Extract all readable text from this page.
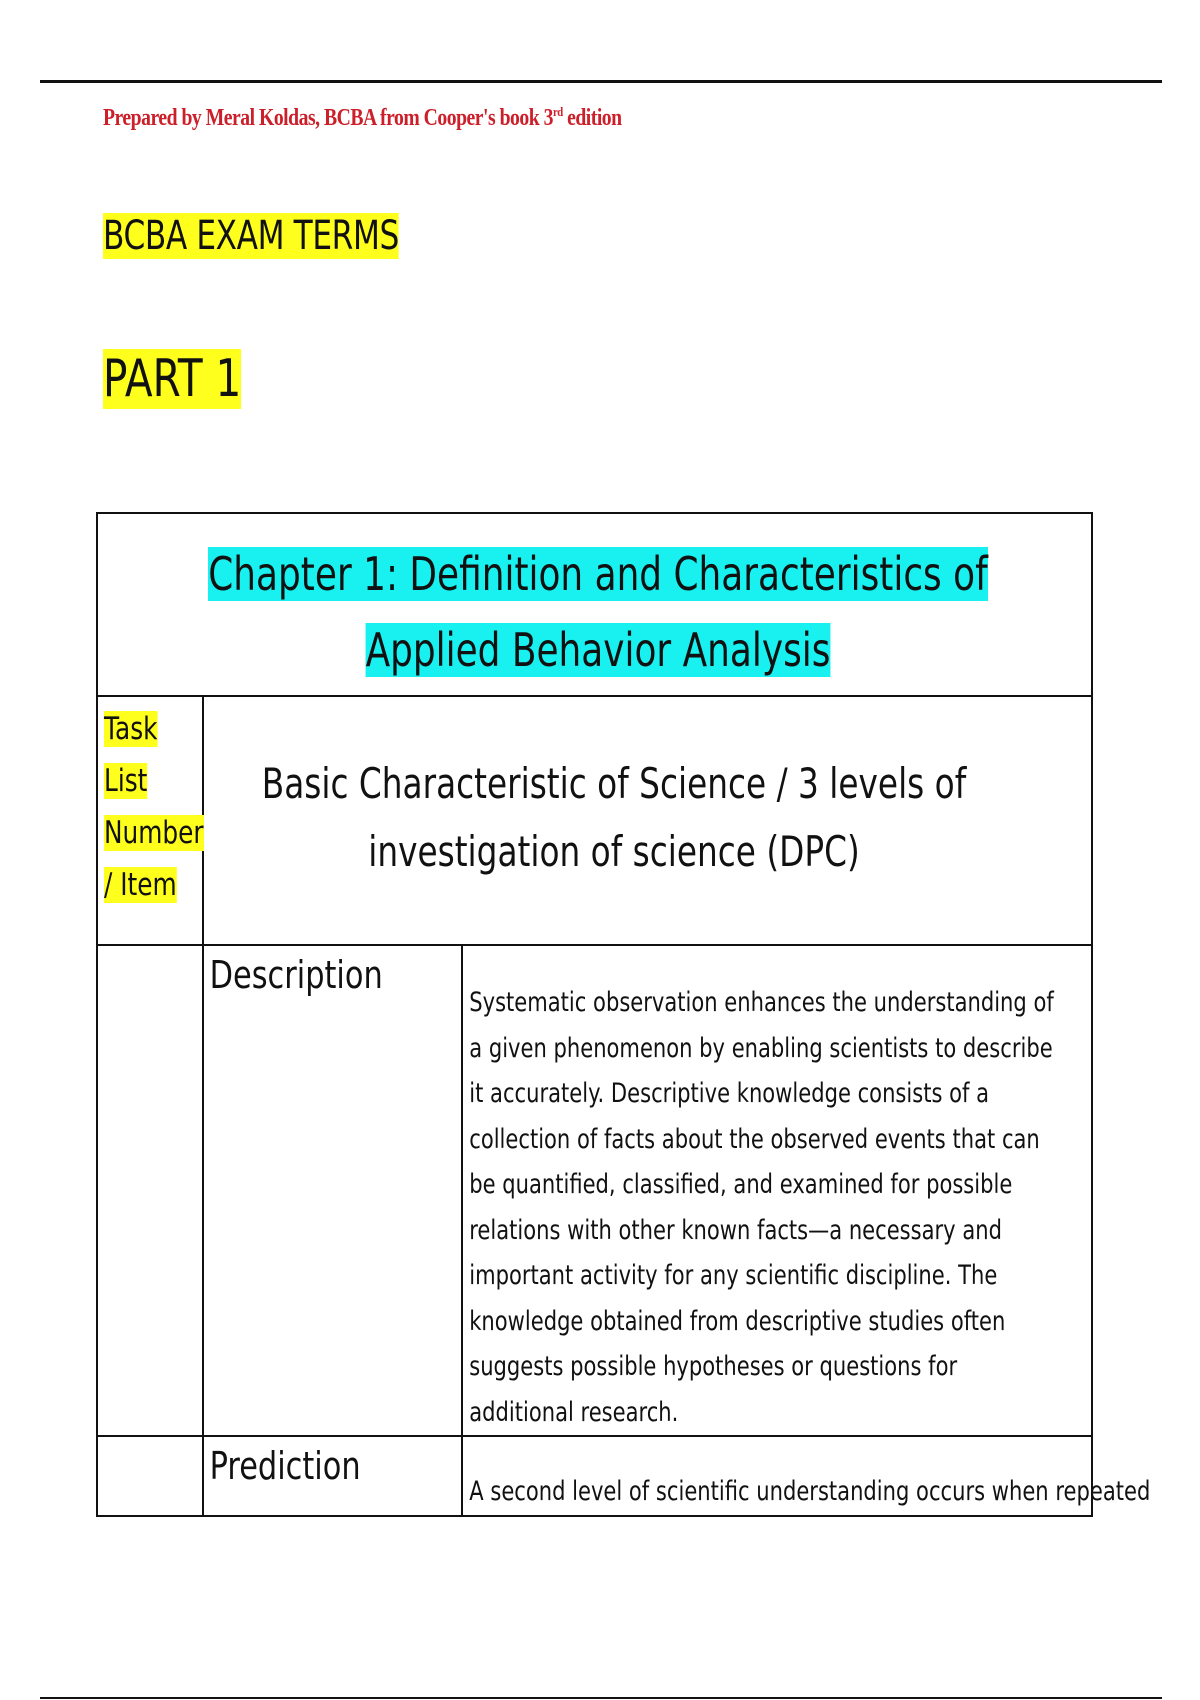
Prepared by Meral Koldas, BCBA from Cooper's book 3rd edition
BCBA EXAM TERMS
PART 1
Chapter 1: Definition and Characteristics of Applied Behavior Analysis		

Task List Number / Item	Basic Characteristic of Science / 3 levels of investigation of science (DPC)	

	Description	Systematic observation enhances the understanding of a given phenomenon by enabling scientists to describe it accurately. Descriptive knowledge consists of a collection of facts about the observed events that can be quantified, classified, and examined for possible relations with other known facts—a necessary and important activity for any scientific discipline. The knowledge obtained from descriptive studies often suggests possible hypotheses or questions for additional research.

	Prediction	A second level of scientific understanding occurs when repeated
